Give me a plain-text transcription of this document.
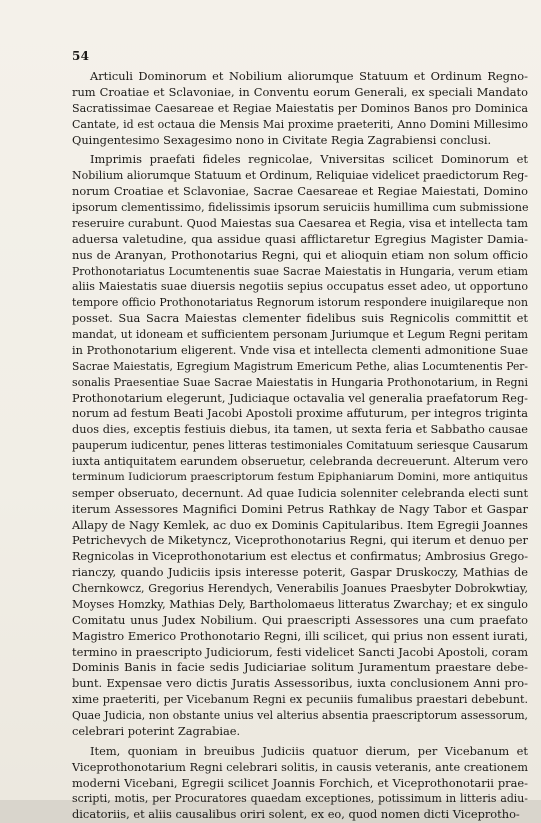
54
Articuli Dominorum et Nobilium aliorumque Statuum et Ordinum Regno-
rum Croatiae et Sclavoniae, in Conventu eorum Generali, ex speciali Mandato
Sacratissimae Caesareae et Regiae Maiestatis per Dominos Banos pro Dominica
Cantate, id est octaua die Mensis Mai proxime praeteriti, Anno Domini Millesimo
Quingentesimo Sexagesimo nono in Civitate Regia Zagrabiensi conclusi.
Imprimis praefati fideles regnicolae, Vniversitas scilicet Dominorum et
Nobilium aliorumque Statuum et Ordinum, Reliquiae videlicet praedictorum Reg-
norum Croatiae et Sclavoniae, Sacrae Caesareae et Regiae Maiestati, Domino
ipsorum clementissimo, fidelissimis ipsorum seruiciis humillima cum submissione
reseruire curabunt. Quod Maiestas sua Caesarea et Regia, visa et intellecta tam
aduersa valetudine, qua assidue quasi afflictaretur Egregius Magister Damia-
nus de Aranyan, Prothonotarius Regni, qui et alioquin etiam non solum officio
Prothonotariatus Locumtenentis suae Sacrae Maiestatis in Hungaria, verum etiam
aliis Maiestatis suae diuersis negotiis sepius occupatus esset adeo, ut opportuno
tempore officio Prothonotariatus Regnorum istorum respondere inuigilareque non
posset. Sua Sacra Maiestas clementer fidelibus suis Regnicolis committit et
mandat, ut idoneam et sufficientem personam Juriumque et Legum Regni peritam
in Prothonotarium eligerent. Vnde visa et intellecta clementi admonitione Suae
Sacrae Maiestatis, Egregium Magistrum Emericum Pethe, alias Locumtenentis Per-
sonalis Praesentiae Suae Sacrae Maiestatis in Hungaria Prothonotarium, in Regni
Prothonotarium elegerunt, Judiciaque octavalia vel generalia praefatorum Reg-
norum ad festum Beati Jacobi Apostoli proxime affuturum, per integros triginta
duos dies, exceptis festiuis diebus, ita tamen, ut sexta feria et Sabbatho causae
pauperum iudicentur, penes litteras testimoniales Comitatuum seriesque Causarum
iuxta antiquitatem earundem obseruetur, celebranda decreuerunt. Alterum vero
terminum Iudiciorum praescriptorum festum Epiphaniarum Domini, more antiquitus
semper obseruato, decernunt. Ad quae Iudicia solenniter celebranda electi sunt
iterum Assessores Magnifici Domini Petrus Rathkay de Nagy Tabor et Gaspar
Allapy de Nagy Kemlek, ac duo ex Dominis Capitularibus. Item Egregii Joannes
Petrichevych de Miketyncz, Viceprothonotarius Regni, qui iterum et denuo per
Regnicolas in Viceprothonotarium est electus et confirmatus; Ambrosius Grego-
rianczy, quando Judiciis ipsis interesse poterit, Gaspar Druskoczy, Mathias de
Chernkowcz, Gregorius Herendych, Venerabilis Joanues Praesbyter Dobrokwtiay,
Moyses Homzky, Mathias Dely, Bartholomaeus litteratus Zwarchay; et ex singulo
Comitatu unus Judex Nobilium. Qui praescripti Assessores una cum praefato
Magistro Emerico Prothonotario Regni, illi scilicet, qui prius non essent iurati,
termino in praescripto Judiciorum, festi videlicet Sancti Jacobi Apostoli, coram
Dominis Banis in facie sedis Judiciariae solitum Juramentum praestare debe-
bunt. Expensae vero dictis Juratis Assessoribus, iuxta conclusionem Anni pro-
xime praeteriti, per Vicebanum Regni ex pecuniis fumalibus praestari debebunt.
Quae Judicia, non obstante unius vel alterius absentia praescriptorum assessorum,
celebrari poterint Zagrabiae.
Item, quoniam in breuibus Judiciis quatuor dierum, per Vicebanum et
Viceprothonotarium Regni celebrari solitis, in causis veteranis, ante creationem
moderni Vicebani, Egregii scilicet Joannis Forchich, et Viceprothonotarii prae-
scripti, motis, per Procuratores quaedam exceptiones, potissimum in litteris adiu-
dicatoriis, et aliis causalibus oriri solent, ex eo, quod nomen dicti Viceprotho-
